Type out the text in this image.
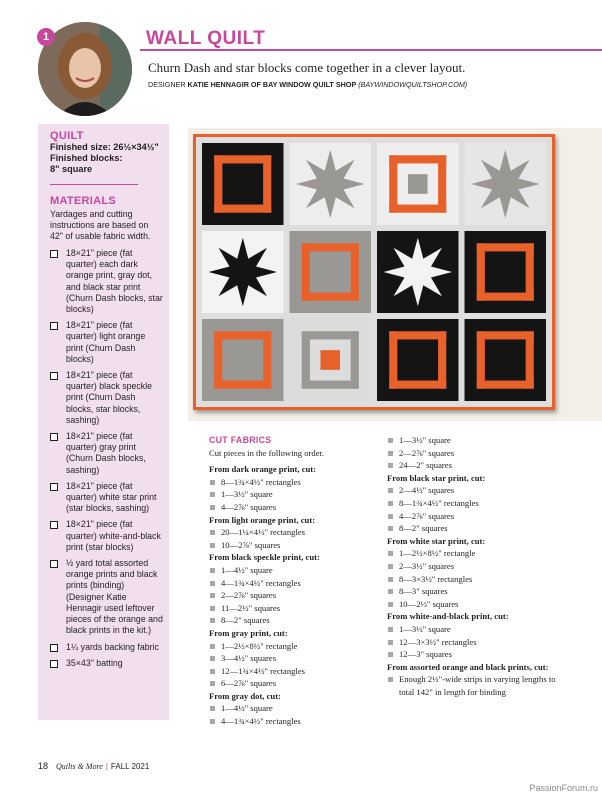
1	WALL QUILT
Churn Dash and star blocks come together in a clever layout.
DESIGNER KATIE HENNAGIR OF BAY WINDOW QUILT SHOP (BAYWINDOWQUILTSHOP.COM)
QUILT
Finished size: 26½×34½"
Finished blocks:
8" square
MATERIALS
Yardages and cutting instructions are based on 42" of usable fabric width.
18×21" piece (fat quarter) each dark orange print, gray dot, and black star print (Churn Dash blocks, star blocks)
18×21" piece (fat quarter) light orange print (Churn Dash blocks)
18×21" piece (fat quarter) black speckle print (Churn Dash blocks, star blocks, sashing)
18×21" piece (fat quarter) gray print (Churn Dash blocks, sashing)
18×21" piece (fat quarter) white star print (star blocks, sashing)
18×21" piece (fat quarter) white-and-black print (star blocks)
½ yard total assorted orange prints and black prints (binding) (Designer Katie Hennagir used leftover pieces of the orange and black prints in the kit.)
1¼ yards backing fabric
35×43" batting
CUT FABRICS
Cut pieces in the following order.
From dark orange print, cut:
8—1¾×4½" rectangles
1—3½" square
4—2⅞" squares
From light orange print, cut:
20—1¼×4½" rectangles
10—2⅞" squares
From black speckle print, cut:
1—4½" square
4—1¾×4½" rectangles
2—2⅞" squares
11—2½" squares
8—2" squares
From gray print, cut:
1—2½×8½" rectangle
3—4½" squares
12—1¾×4½" rectangles
6—2⅞" squares
From gray dot, cut:
1—4½" square
4—1¾×4½" rectangles
1—3½" square
2—2⅞" squares
24—2" squares
From black star print, cut:
2—4½" squares
8—1¾×4½" rectangles
4—2⅞" squares
8—2" squares
From white star print, cut:
1—2½×8½" rectangle
2—3½" squares
8—3×3½" rectangles
8—3" squares
10—2½" squares
From white-and-black print, cut:
1—3½" square
12—3×3½" rectangles
12—3" squares
From assorted orange and black prints, cut:
Enough 2½"-wide strips in varying lengths to total 142" in length for binding
18 Quilts & More | FALL 2021
PassionForum.ru
